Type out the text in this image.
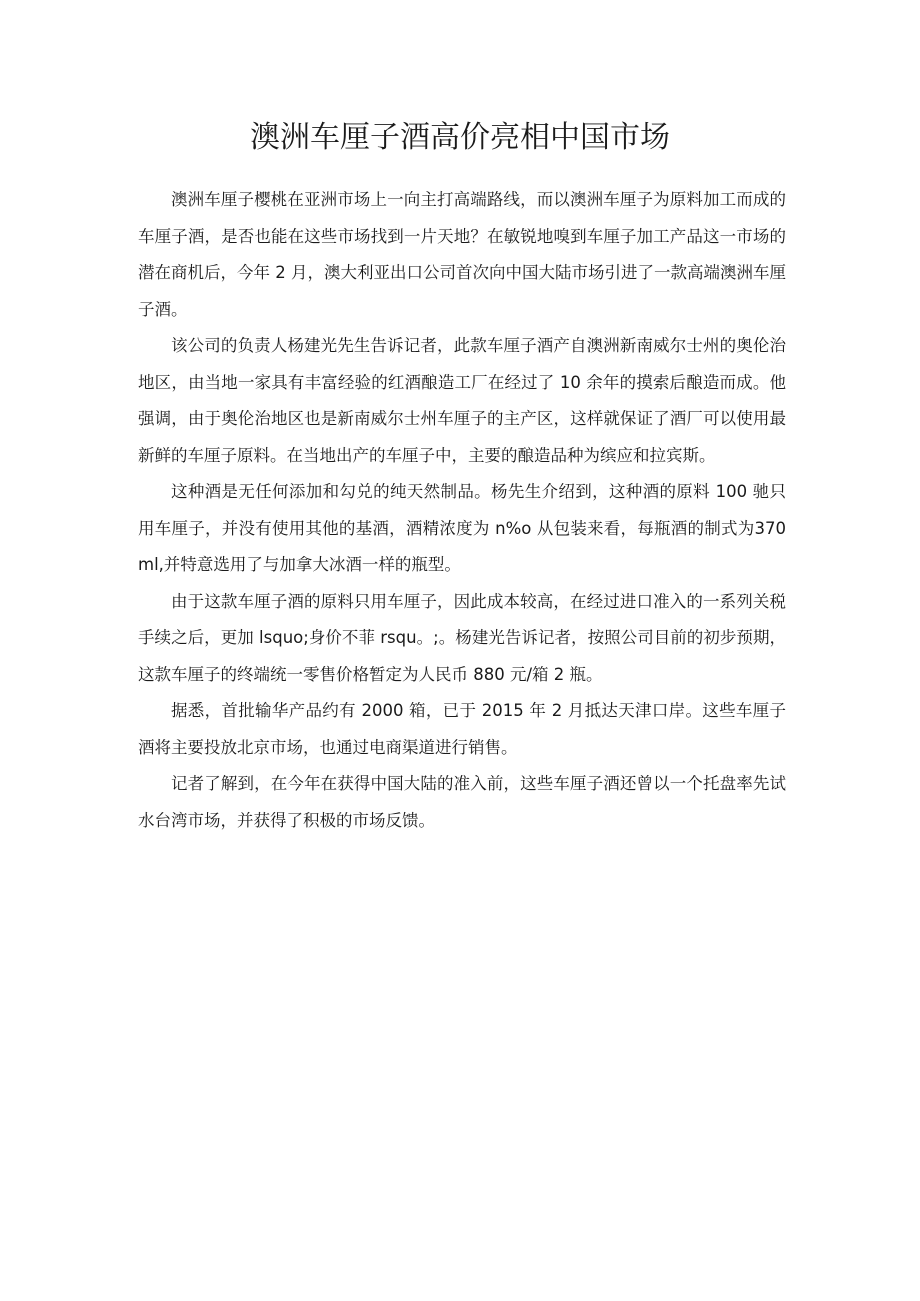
澳洲车厘子酒高价亮相中国市场

澳洲车厘子樱桃在亚洲市场上一向主打高端路线，而以澳洲车厘子为原料加工而成的车厘子酒，是否也能在这些市场找到一片天地？在敏锐地嗅到车厘子加工产品这一市场的潜在商机后，今年 2 月，澳大利亚出口公司首次向中国大陆市场引进了一款高端澳洲车厘子酒。

该公司的负责人杨建光先生告诉记者，此款车厘子酒产自澳洲新南威尔士州的奥伦治地区，由当地一家具有丰富经验的红酒酿造工厂在经过了 10 余年的摸索后酿造而成。他强调，由于奥伦治地区也是新南威尔士州车厘子的主产区，这样就保证了酒厂可以使用最新鲜的车厘子原料。在当地出产的车厘子中，主要的酿造品种为缤应和拉宾斯。

这种酒是无任何添加和勾兑的纯天然制品。杨先生介绍到，这种酒的原料 100 驰只用车厘子，并没有使用其他的基酒，酒精浓度为 n%o 从包装来看，每瓶酒的制式为370ml,并特意选用了与加拿大冰酒一样的瓶型。

由于这款车厘子酒的原料只用车厘子，因此成本较高，在经过进口准入的一系列关税手续之后，更加 lsquo;身价不菲 rsqu。;。杨建光告诉记者，按照公司目前的初步预期，这款车厘子的终端统一零售价格暂定为人民币 880 元/箱 2 瓶。

据悉，首批输华产品约有 2000 箱，已于 2015 年 2 月抵达天津口岸。这些车厘子酒将主要投放北京市场，也通过电商渠道进行销售。

记者了解到，在今年在获得中国大陆的准入前，这些车厘子酒还曾以一个托盘率先试水台湾市场，并获得了积极的市场反馈。
